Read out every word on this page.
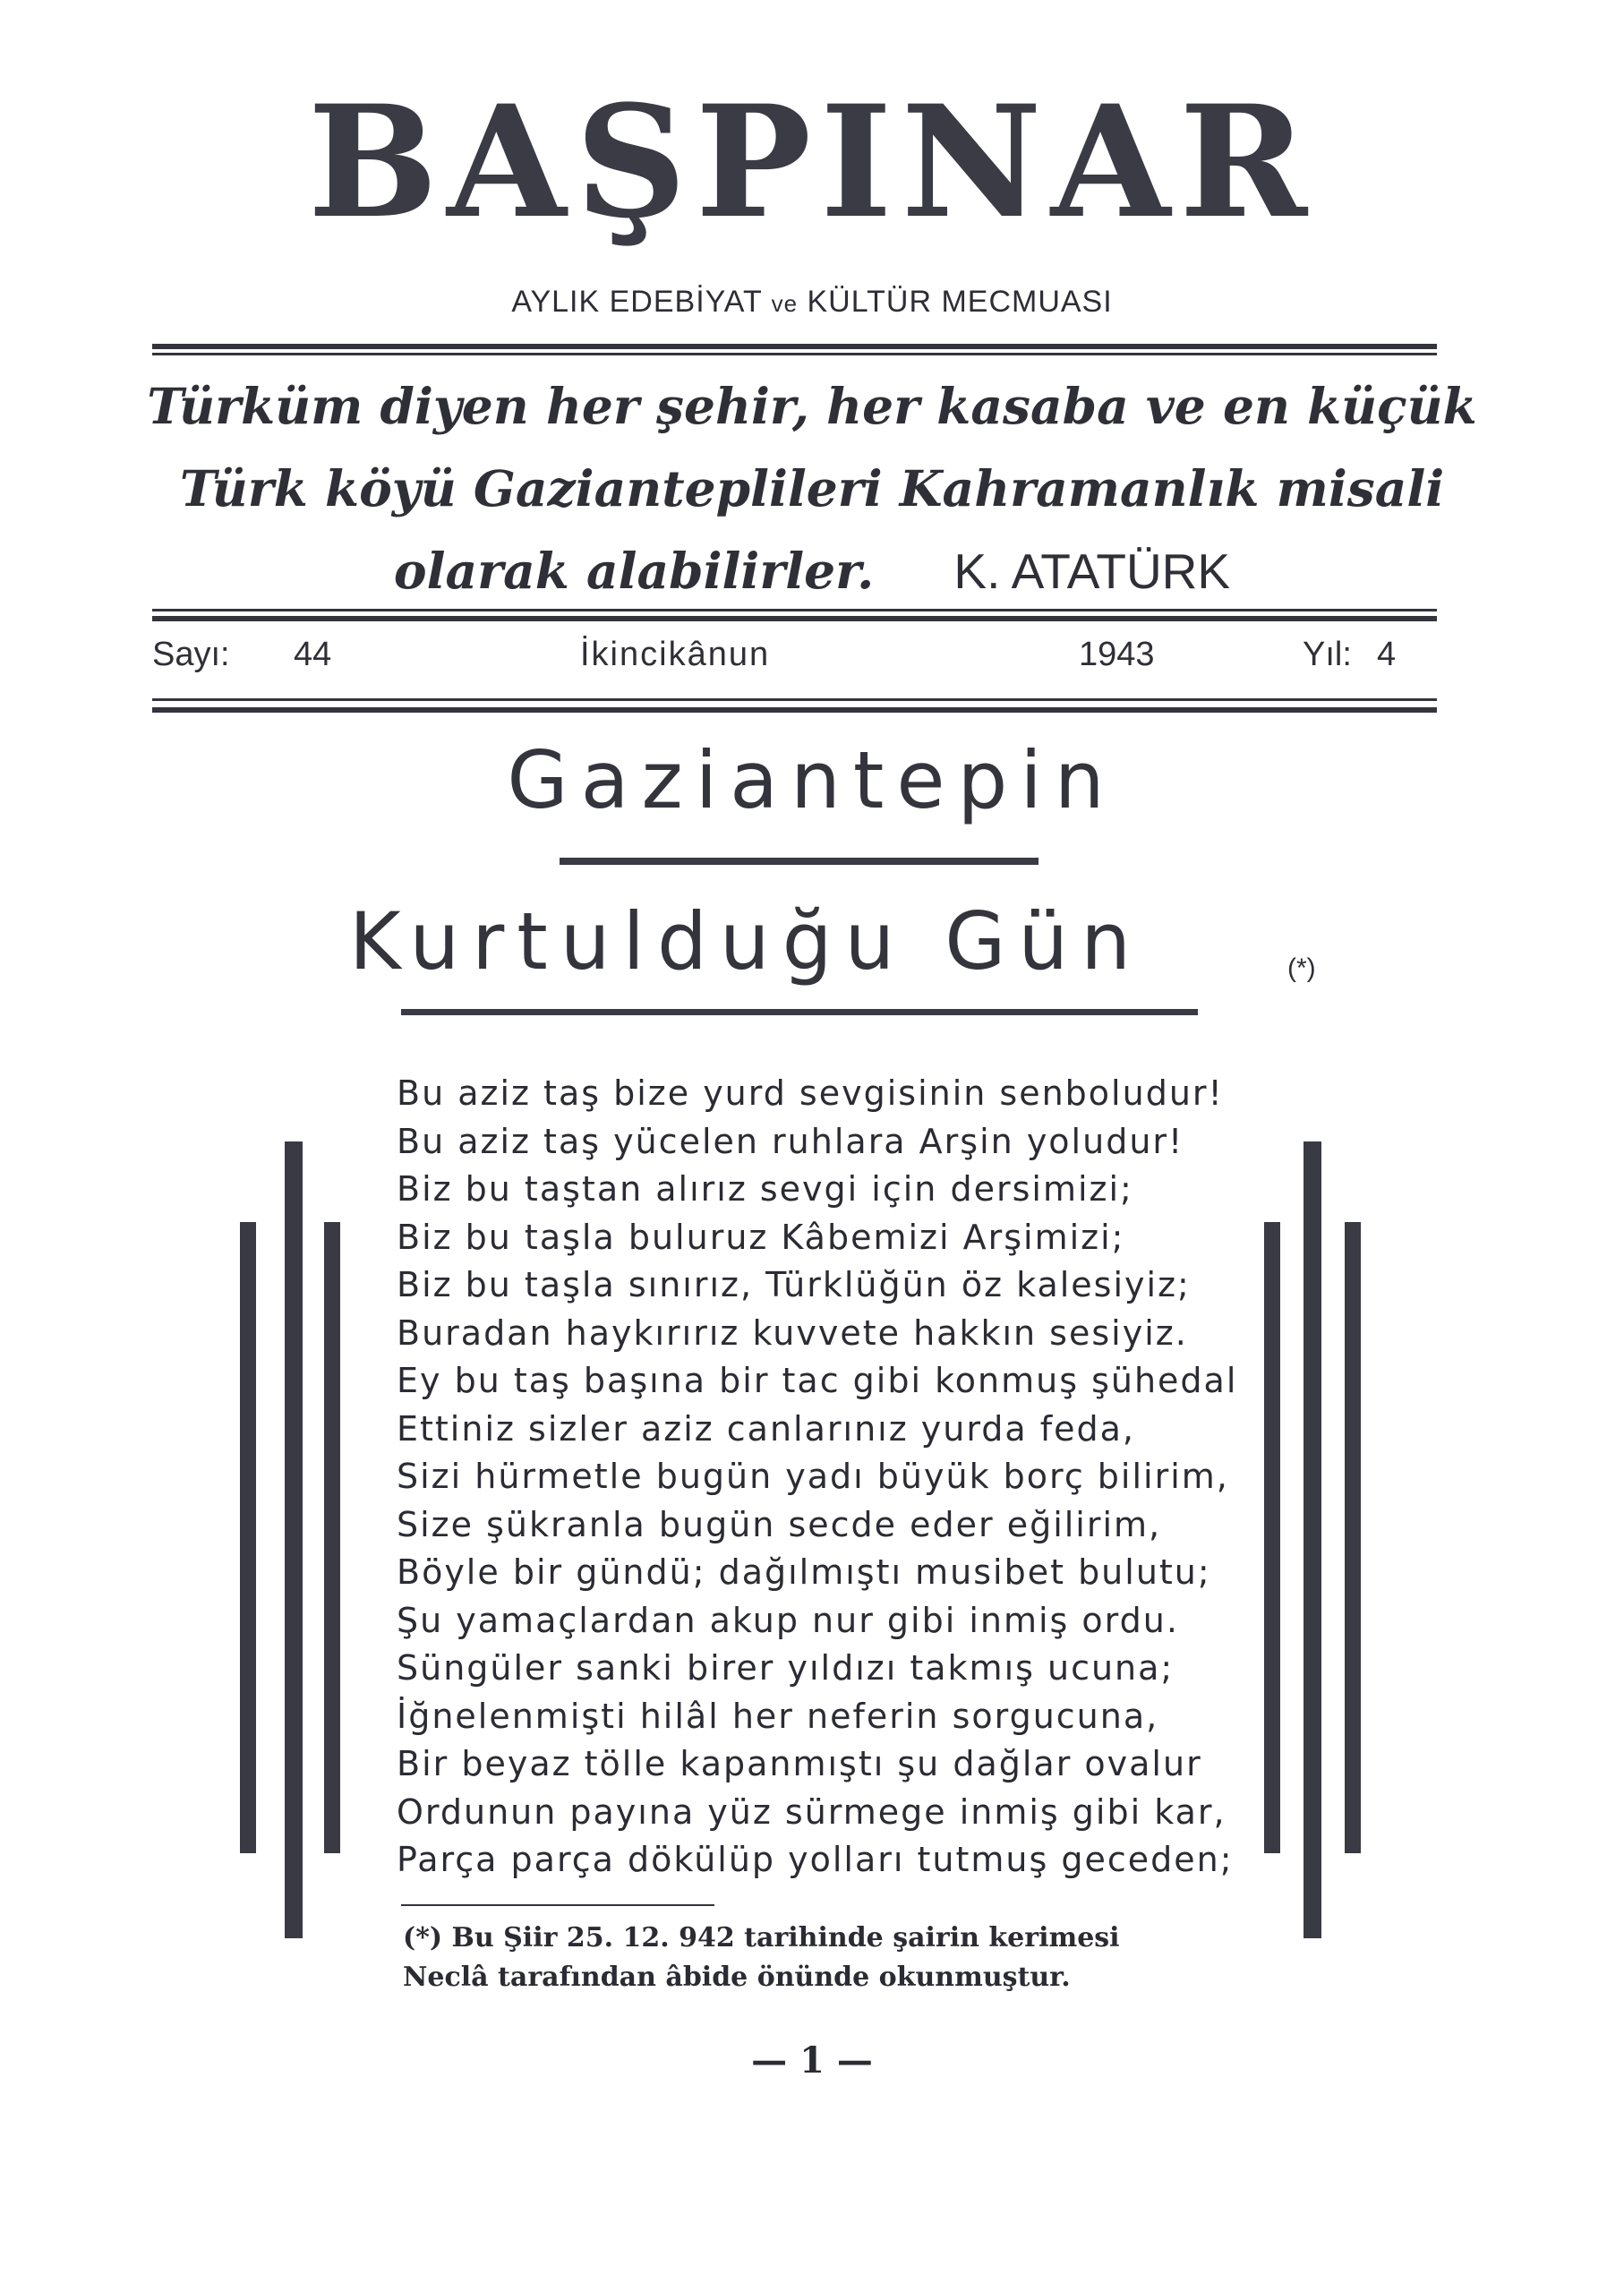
BAŞPINAR
AYLIK EDEBİYAT ve KÜLTÜR MECMUASI
Türküm diyen her şehir, her kasaba ve en küçük
Türk köyü Gazianteplileri Kahramanlık misali
olarak alabilirler. K. ATATÜRK
Sayı: 44	İkincikânun	1943	Yıl: 4
Gaziantepin
Kurtulduğu Gün	(*)
Bu aziz taş bize yurd sevgisinin senboludur!
Bu aziz taş yücelen ruhlara Arşin yoludur!
Biz bu taştan alırız sevgi için dersimizi;
Biz bu taşla buluruz Kâbemizi Arşimizi;
Biz bu taşla sınırız, Türklüğün öz kalesiyiz;
Buradan haykırırız kuvvete hakkın sesiyiz.
Ey bu taş başına bir tac gibi konmuş şühedal
Ettiniz sizler aziz canlarınız yurda feda,
Sizi hürmetle bugün yadı büyük borç bilirim,
Size şükranla bugün secde eder eğilirim,
Böyle bir gündü; dağılmıştı musibet bulutu;
Şu yamaçlardan akup nur gibi inmiş ordu.
Süngüler sanki birer yıldızı takmış ucuna;
İğnelenmişti hilâl her neferin sorgucuna,
Bir beyaz tölle kapanmıştı şu dağlar ovalur
Ordunun payına yüz sürmege inmiş gibi kar,
Parça parça dökülüp yolları tutmuş geceden;
(*) Bu Şiir 25. 12. 942 tarihinde şairin kerimesi
Neclâ tarafından âbide önünde okunmuştur.
— 1 —
